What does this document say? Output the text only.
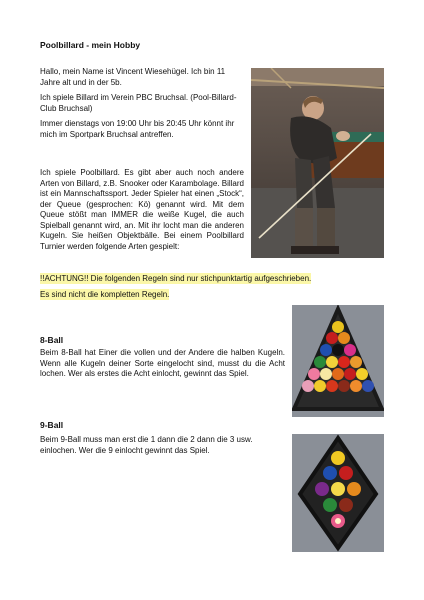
Poolbillard - mein Hobby

Hallo, mein Name ist Vincent Wiesehügel. Ich bin 11 Jahre alt und in der 5b.

Ich spiele Billard im Verein PBC Bruchsal. (Pool-Billard-Club Bruchsal)

Immer dienstags von 19:00 Uhr bis 20:45 Uhr könnt ihr mich im Sportpark Bruchsal antreffen.

Ich spiele Poolbillard. Es gibt aber auch noch andere Arten von Billard, z.B. Snooker oder Karambolage. Billard ist ein Mannschaftssport. Jeder Spieler hat einen „Stock“, der Queue (gesprochen: Kö) genannt wird. Mit dem Queue stößt man IMMER die weiße Kugel, die auch Spielball genannt wird, an. Mit ihr locht man die anderen Kugeln. Sie heißen Objektbälle. Bei einem Poolbillard Turnier werden folgende Arten gespielt:

!!ACHTUNG!! Die folgenden Regeln sind nur stichpunktartig aufgeschrieben.

Es sind nicht die kompletten Regeln.

8-Ball

Beim 8-Ball hat Einer die vollen und der Andere die halben Kugeln. Wenn alle Kugeln deiner Sorte eingelocht sind, musst du die Acht lochen. Wer als erstes die Acht einlocht, gewinnt das Spiel.

9-Ball

Beim 9-Ball muss man erst die 1 dann die 2 dann die 3 usw. einlochen. Wer die 9 einlocht gewinnt das Spiel.
